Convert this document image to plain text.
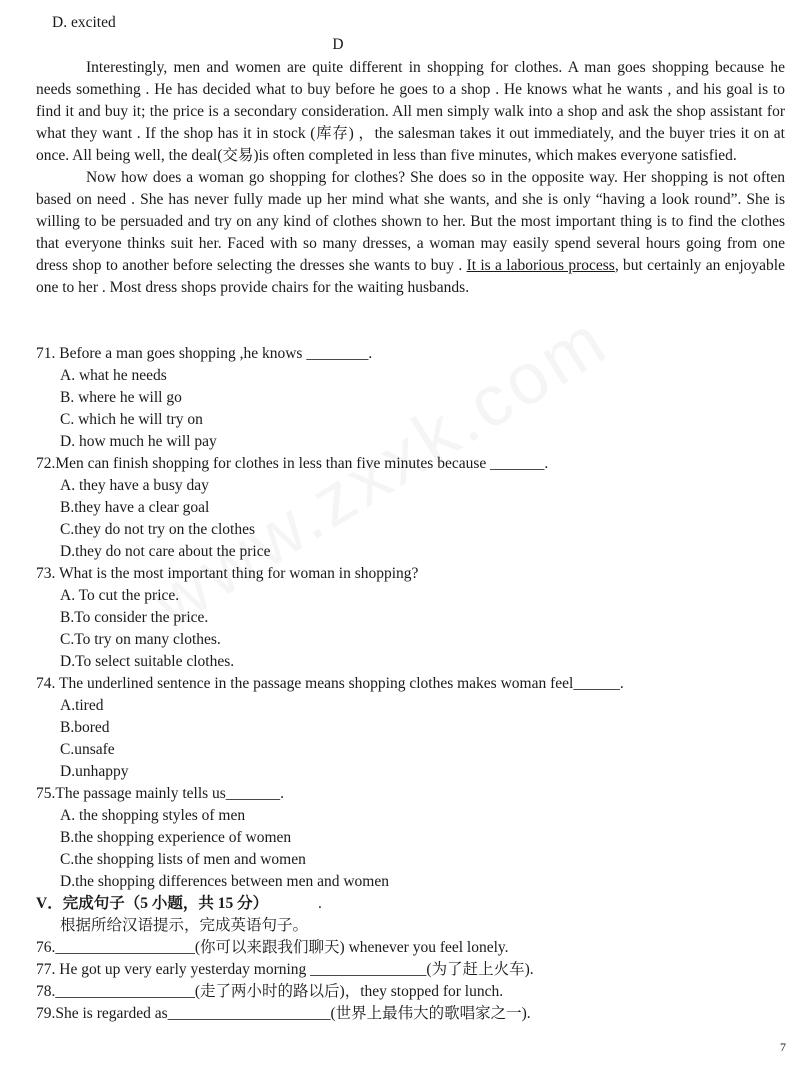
D. excited
D

Interestingly, men and women are quite different in shopping for clothes. A man goes shopping because he needs something . He has decided what to buy before he goes to a shop . He knows what he wants , and his goal is to find it and buy it; the price is a secondary consideration. All men simply walk into a shop and ask the shop assistant for what they want . If the shop has it in stock (库存) ，the salesman takes it out immediately, and the buyer tries it on at once. All being well, the deal(交易)is often completed in less than five minutes, which makes everyone satisfied.

Now how does a woman go shopping for clothes? She does so in the opposite way. Her shopping is not often based on need . She has never fully made up her mind what she wants, and she is only “having a look round”. She is willing to be persuaded and try on any kind of clothes shown to her. But the most important thing is to find the clothes that everyone thinks suit her. Faced with so many dresses, a woman may easily spend several hours going from one dress shop to another before selecting the dresses she wants to buy . It is a laborious process, but certainly an enjoyable one to her . Most dress shops provide chairs for the waiting husbands.

71. Before a man goes shopping ,he knows ________.
A. what he needs
B. where he will go
C. which he will try on
D. how much he will pay
72.Men can finish shopping for clothes in less than five minutes because _______.
A. they have a busy day
B.they have a clear goal
C.they do not try on the clothes
D.they do not care about the price
73. What is the most important thing for woman in shopping?
A. To cut the price.
B.To consider the price.
C.To try on many clothes.
D.To select suitable clothes.
74. The underlined sentence in the passage means shopping clothes makes woman feel______.
A.tired
B.bored
C.unsafe
D.unhappy
75.The passage mainly tells us_______.
A. the shopping styles of men
B.the shopping experience of women
C.the shopping lists of men and women
D.the shopping differences between men and women
V．完成句子（5 小题，共 15 分）	.
根据所给汉语提示，完成英语句子。
76.__________________(你可以来跟我们聊天) whenever you feel lonely.
77. He got up very early yesterday morning _______________(为了赶上火车).
78.__________________(走了两小时的路以后)，they stopped for lunch.
79.She is regarded as_____________________(世界上最伟大的歌唱家之一).
7
